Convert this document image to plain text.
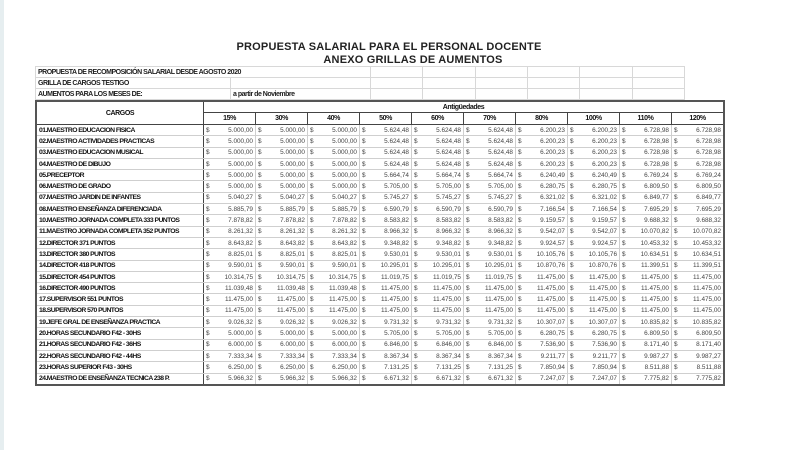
PROPUESTA SALARIAL PARA EL PERSONAL DOCENTE
ANEXO GRILLAS DE AUMENTOS
PROPUESTA DE RECOMPOSICIÓN SALARIAL DESDE AGOSTO 2020							
GRILLA DE CARGOS TESTIGO							
AUMENTOS PARA LOS MESES DE:	a partir de Noviembre						
CARGOS	Antigüedades									
	15%	30%	40%	50%	60%	70%	80%	100%	110%	120%
01.MAESTRO EDUCACION FISICA	$ 5.000,00	$ 5.000,00	$ 5.000,00	$ 5.624,48	$ 5.624,48	$ 5.624,48	$ 6.200,23	$ 6.200,23	$ 6.728,98	$ 6.728,98

02.MAESTRO ACTIVIDADES PRACTICAS	$ 5.000,00	$ 5.000,00	$ 5.000,00	$ 5.624,48	$ 5.624,48	$ 5.624,48	$ 6.200,23	$ 6.200,23	$ 6.728,98	$ 6.728,98

03.MAESTRO EDUCACION MUSICAL	$ 5.000,00	$ 5.000,00	$ 5.000,00	$ 5.624,48	$ 5.624,48	$ 5.624,48	$ 6.200,23	$ 6.200,23	$ 6.728,98	$ 6.728,98

04.MAESTRO DE DIBUJO	$ 5.000,00	$ 5.000,00	$ 5.000,00	$ 5.624,48	$ 5.624,48	$ 5.624,48	$ 6.200,23	$ 6.200,23	$ 6.728,98	$ 6.728,98

05.PRECEPTOR	$ 5.000,00	$ 5.000,00	$ 5.000,00	$ 5.664,74	$ 5.664,74	$ 5.664,74	$ 6.240,49	$ 6.240,49	$ 6.769,24	$ 6.769,24

06.MAESTRO DE GRADO	$ 5.000,00	$ 5.000,00	$ 5.000,00	$ 5.705,00	$ 5.705,00	$ 5.705,00	$ 6.280,75	$ 6.280,75	$ 6.809,50	$ 6.809,50

07.MAESTRO JARDIN DE INFANTES	$ 5.040,27	$ 5.040,27	$ 5.040,27	$ 5.745,27	$ 5.745,27	$ 5.745,27	$ 6.321,02	$ 6.321,02	$ 6.849,77	$ 6.849,77

08.MAESTRO ENSEÑANZA DIFERENCIADA	$ 5.885,79	$ 5.885,79	$ 5.885,79	$ 6.590,79	$ 6.590,79	$ 6.590,79	$ 7.166,54	$ 7.166,54	$ 7.695,29	$ 7.695,29

10.MAESTRO JORNADA COMPLETA 333 PUNTOS	$ 7.878,82	$ 7.878,82	$ 7.878,82	$ 8.583,82	$ 8.583,82	$ 8.583,82	$ 9.159,57	$ 9.159,57	$ 9.688,32	$ 9.688,32

11.MAESTRO JORNADA COMPLETA 352 PUNTOS	$ 8.261,32	$ 8.261,32	$ 8.261,32	$ 8.966,32	$ 8.966,32	$ 8.966,32	$ 9.542,07	$ 9.542,07	$ 10.070,82	$ 10.070,82

12.DIRECTOR 371 PUNTOS	$ 8.643,82	$ 8.643,82	$ 8.643,82	$ 9.348,82	$ 9.348,82	$ 9.348,82	$ 9.924,57	$ 9.924,57	$ 10.453,32	$ 10.453,32

13.DIRECTOR 380 PUNTOS	$ 8.825,01	$ 8.825,01	$ 8.825,01	$ 9.530,01	$ 9.530,01	$ 9.530,01	$ 10.105,76	$ 10.105,76	$ 10.634,51	$ 10.634,51

14.DIRECTOR 418 PUNTOS	$ 9.590,01	$ 9.590,01	$ 9.590,01	$ 10.295,01	$ 10.295,01	$ 10.295,01	$ 10.870,76	$ 10.870,76	$ 11.399,51	$ 11.399,51

15.DIRECTOR 454 PUNTOS	$ 10.314,75	$ 10.314,75	$ 10.314,75	$ 11.019,75	$ 11.019,75	$ 11.019,75	$ 11.475,00	$ 11.475,00	$ 11.475,00	$ 11.475,00

16.DIRECTOR 490 PUNTOS	$ 11.039,48	$ 11.039,48	$ 11.039,48	$ 11.475,00	$ 11.475,00	$ 11.475,00	$ 11.475,00	$ 11.475,00	$ 11.475,00	$ 11.475,00

17.SUPERVISOR 551 PUNTOS	$ 11.475,00	$ 11.475,00	$ 11.475,00	$ 11.475,00	$ 11.475,00	$ 11.475,00	$ 11.475,00	$ 11.475,00	$ 11.475,00	$ 11.475,00

18.SUPERVISOR 570 PUNTOS	$ 11.475,00	$ 11.475,00	$ 11.475,00	$ 11.475,00	$ 11.475,00	$ 11.475,00	$ 11.475,00	$ 11.475,00	$ 11.475,00	$ 11.475,00

19.JEFE GRAL DE ENSEÑANZA PRACTICA	$ 9.026,32	$ 9.026,32	$ 9.026,32	$ 9.731,32	$ 9.731,32	$ 9.731,32	$ 10.307,07	$ 10.307,07	$ 10.835,82	$ 10.835,82

20.HORAS SECUNDARIO F42 - 30HS	$ 5.000,00	$ 5.000,00	$ 5.000,00	$ 5.705,00	$ 5.705,00	$ 5.705,00	$ 6.280,75	$ 6.280,75	$ 6.809,50	$ 6.809,50

21.HORAS SECUNDARIO F42 - 36HS	$ 6.000,00	$ 6.000,00	$ 6.000,00	$ 6.846,00	$ 6.846,00	$ 6.846,00	$ 7.536,90	$ 7.536,90	$ 8.171,40	$ 8.171,40

22.HORAS SECUNDARIO F42 - 44HS	$ 7.333,34	$ 7.333,34	$ 7.333,34	$ 8.367,34	$ 8.367,34	$ 8.367,34	$ 9.211,77	$ 9.211,77	$ 9.987,27	$ 9.987,27

23.HORAS SUPERIOR F43 - 30HS	$ 6.250,00	$ 6.250,00	$ 6.250,00	$ 7.131,25	$ 7.131,25	$ 7.131,25	$ 7.850,94	$ 7.850,94	$ 8.511,88	$ 8.511,88

24.MAESTRO DE ENSEÑANZA TECNICA 238 P.	$ 5.966,32	$ 5.966,32	$ 5.966,32	$ 6.671,32	$ 6.671,32	$ 6.671,32	$ 7.247,07	$ 7.247,07	$ 7.775,82	$ 7.775,82
